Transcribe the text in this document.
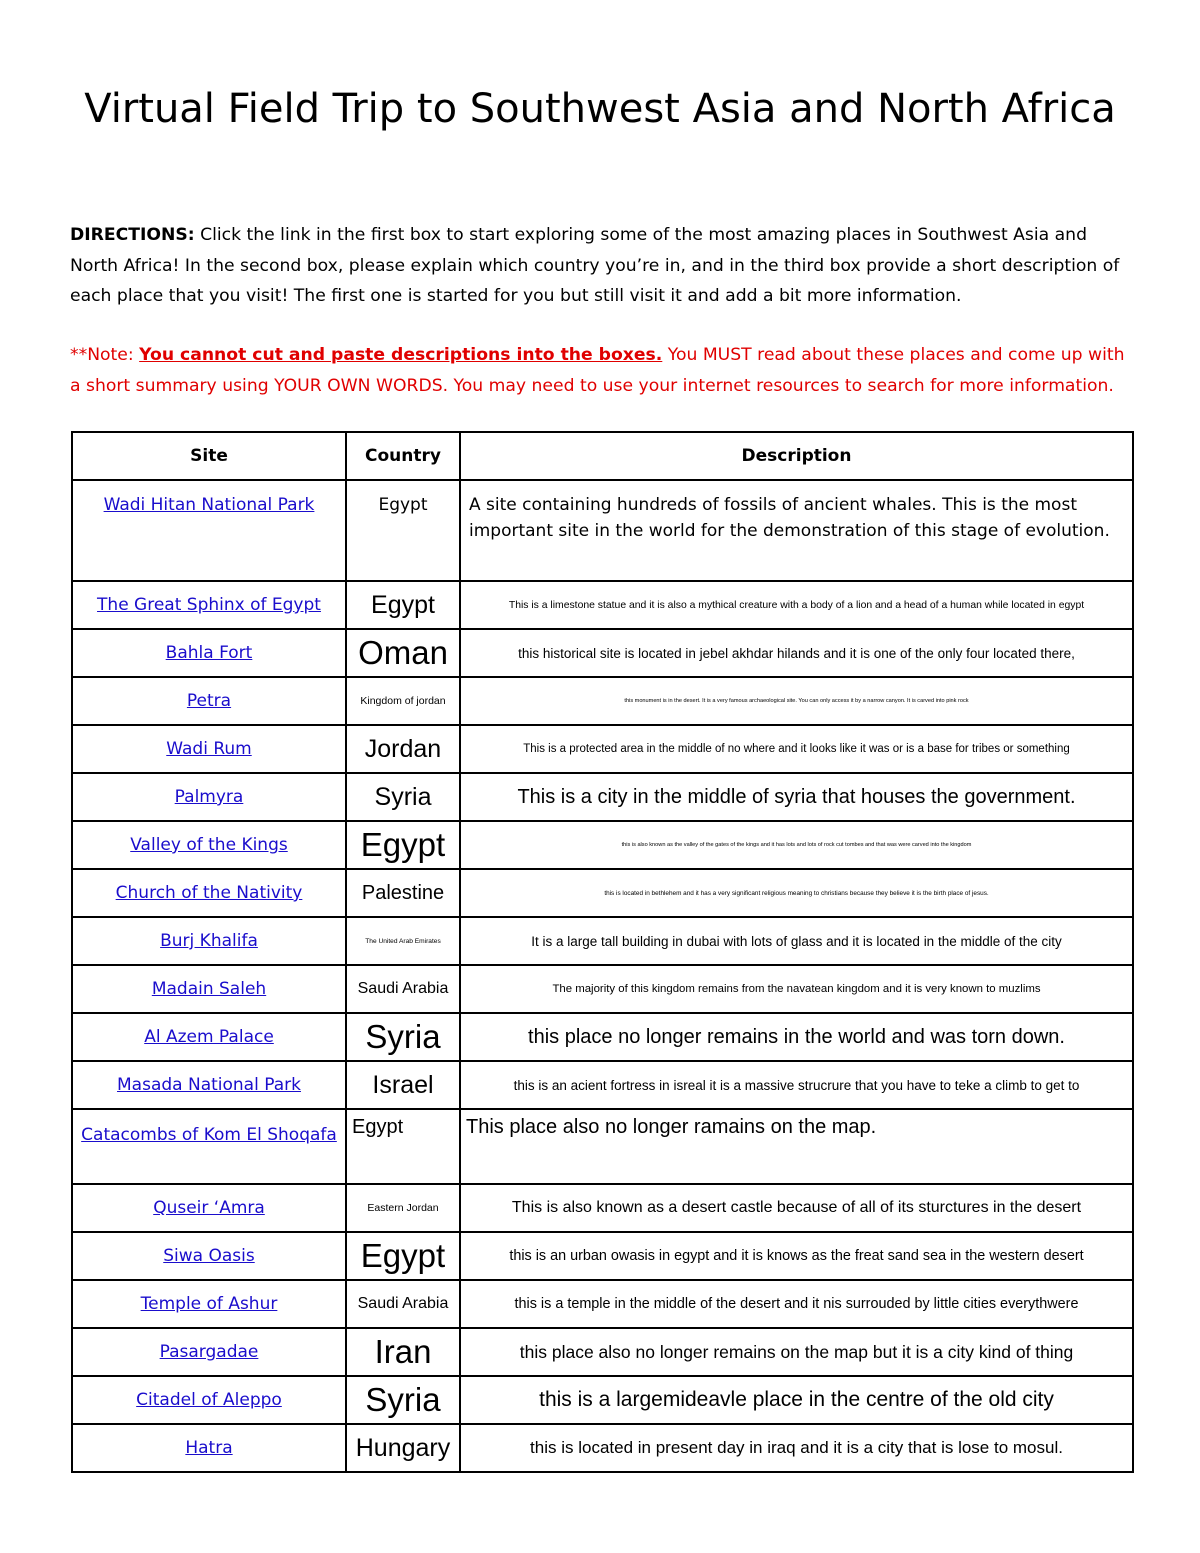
Virtual Field Trip to Southwest Asia and North Africa
DIRECTIONS: Click the link in the first box to start exploring some of the most amazing places in Southwest Asia and North Africa! In the second box, please explain which country you’re in, and in the third box provide a short description of each place that you visit! The first one is started for you but still visit it and add a bit more information.
**Note: You cannot cut and paste descriptions into the boxes. You MUST read about these places and come up with a short summary using YOUR OWN WORDS. You may need to use your internet resources to search for more information.
Site	Country	Description
Wadi Hitan National Park	Egypt	A site containing hundreds of fossils of ancient whales. This is the most important site in the world for the demonstration of this stage of evolution.
The Great Sphinx of Egypt	Egypt	This is a limestone statue and it is also a mythical creature with a body of a lion and a head of a human while located in egypt
Bahla Fort	Oman	this historical site is located in jebel akhdar hilands and it is one of the only four located there,
Petra	Kingdom of jordan	this monument is in the desert. It is a very famous archaeological site. You can only access it by a narrow canyon. It is carved into pink rock
Wadi Rum	Jordan	This is a protected area in the middle of no where and it looks like it was or is a base for tribes or something
Palmyra	Syria	This is a city in the middle of syria that houses the government.
Valley of the Kings	Egypt	this is also known as the valley of the gates of the kings and it has lots and lots of rock cut tombes and that was were carved into the kingdom
Church of the Nativity	Palestine	this is located in bethlehem and it has a very significant religious meaning to christians because they believe it is the birth place of jesus.
Burj Khalifa	The United Arab Emirates	It is a large tall building in dubai with lots of glass and it is located in the middle of the city
Madain Saleh	Saudi Arabia	The majority of this kingdom remains from the navatean kingdom and it is very known to muzlims
Al Azem Palace	Syria	this place no longer remains in the world and was torn down.
Masada National Park	Israel	this is an acient fortress in isreal it is a massive strucrure that you have to teke a climb to get to
Catacombs of Kom El Shoqafa	Egypt	This place also no longer ramains on the map.
Quseir ‘Amra	Eastern Jordan	This is also known as a desert castle because of all of its sturctures in the desert
Siwa Oasis	Egypt	this is an urban owasis in egypt and it is knows as the freat sand sea in the western desert
Temple of Ashur	Saudi Arabia	this is a temple in the middle of the desert and it nis surrouded by little cities everythwere
Pasargadae	Iran	this place also no longer remains on the map but it is a city kind of thing
Citadel of Aleppo	Syria	this is a largemideavle place in the centre of the old city
Hatra	Hungary	this is located in present day in iraq and it is a city that is lose to mosul.
